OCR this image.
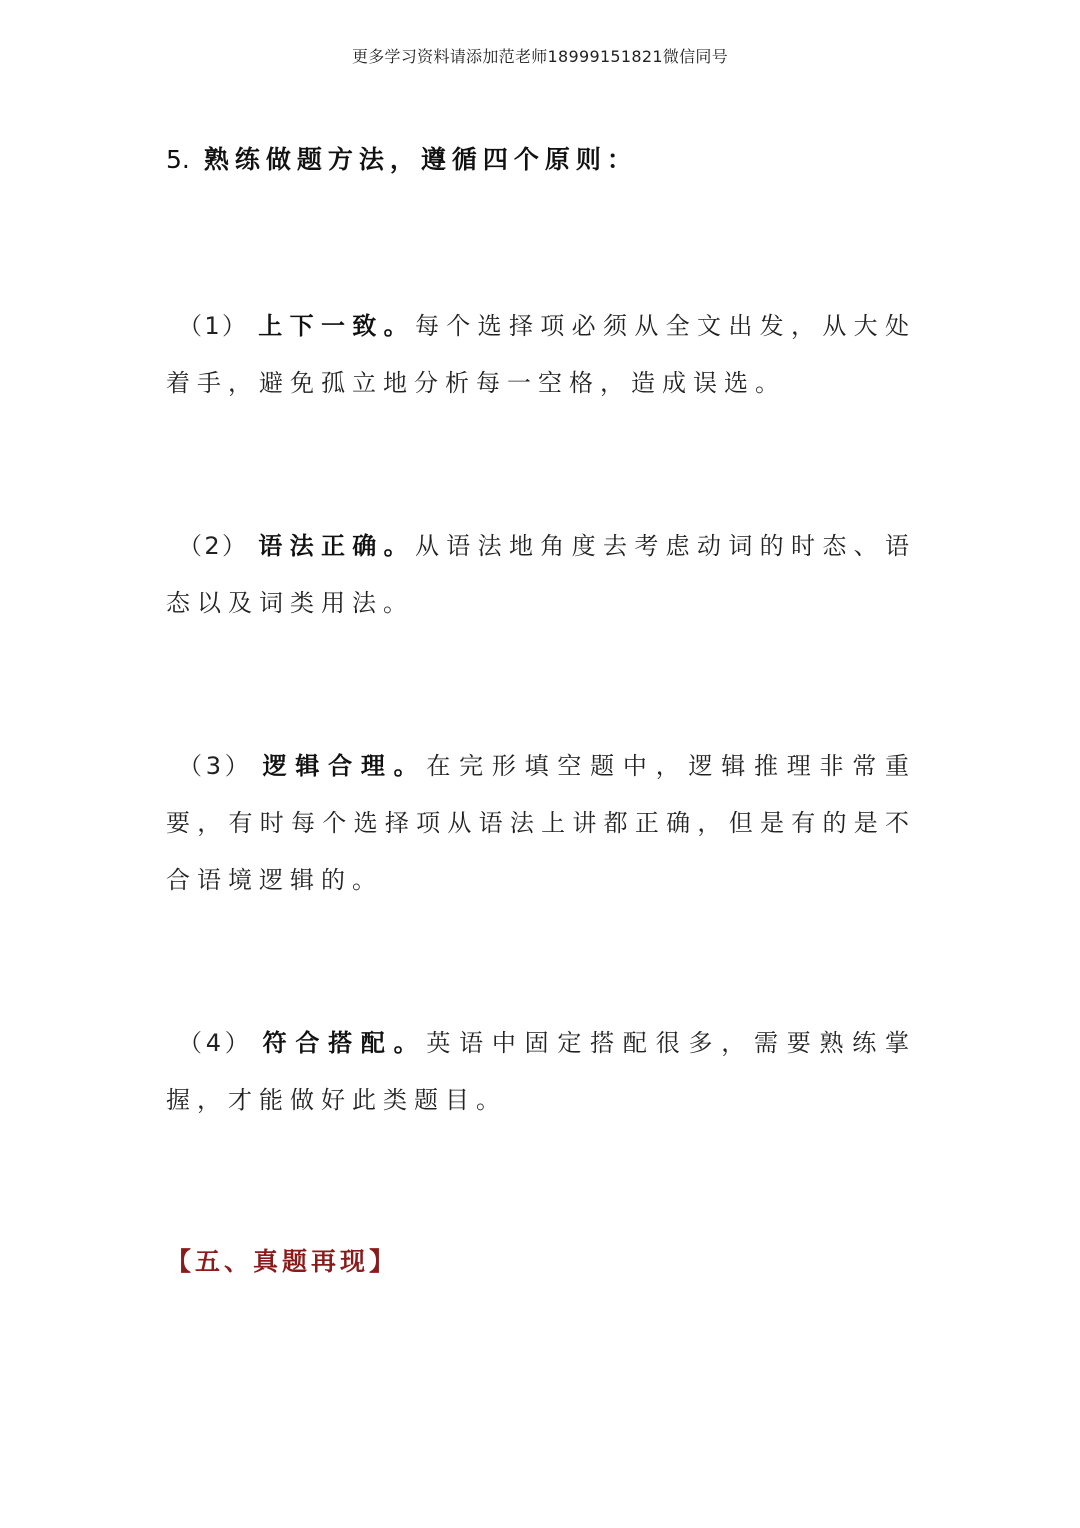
更多学习资料请添加范老师18999151821微信同号
5. 熟练做题方法，遵循四个原则：
（1） 上下一致。每个选择项必须从全文出发，从大处着手，避免孤立地分析每一空格，造成误选。
（2） 语法正确。从语法地角度去考虑动词的时态、语态以及词类用法。
（3） 逻辑合理。在完形填空题中，逻辑推理非常重要，有时每个选择项从语法上讲都正确，但是有的是不合语境逻辑的。
（4） 符合搭配。英语中固定搭配很多，需要熟练掌握，才能做好此类题目。
【五、真题再现】
